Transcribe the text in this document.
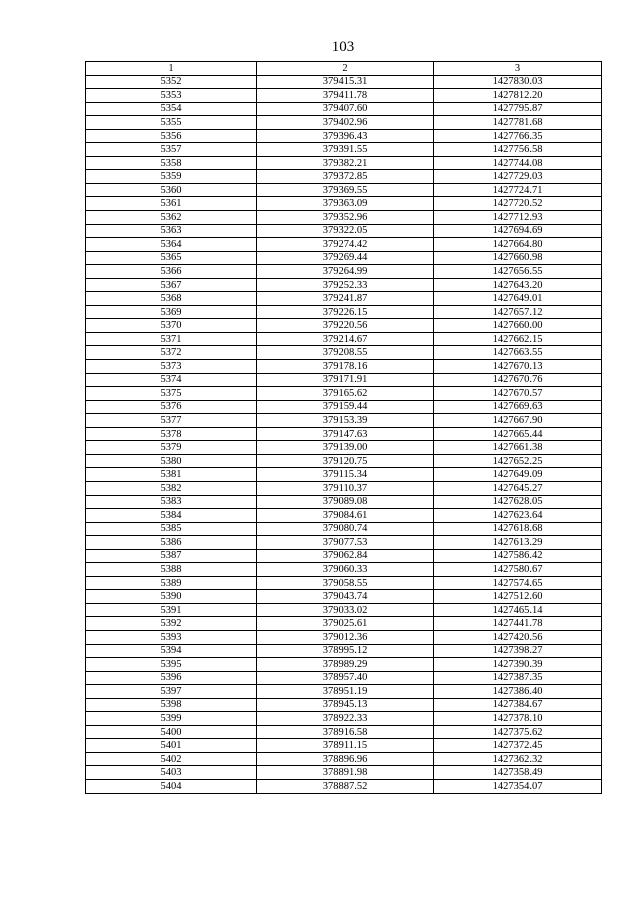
103
1	2	3
5352	379415.31	1427830.03
5353	379411.78	1427812.20
5354	379407.60	1427795.87
5355	379402.96	1427781.68
5356	379396.43	1427766.35
5357	379391.55	1427756.58
5358	379382.21	1427744.08
5359	379372.85	1427729.03
5360	379369.55	1427724.71
5361	379363.09	1427720.52
5362	379352.96	1427712.93
5363	379322.05	1427694.69
5364	379274.42	1427664.80
5365	379269.44	1427660.98
5366	379264.99	1427656.55
5367	379252.33	1427643.20
5368	379241.87	1427649.01
5369	379226.15	1427657.12
5370	379220.56	1427660.00
5371	379214.67	1427662.15
5372	379208.55	1427663.55
5373	379178.16	1427670.13
5374	379171.91	1427670.76
5375	379165.62	1427670.57
5376	379159.44	1427669.63
5377	379153.39	1427667.90
5378	379147.63	1427665.44
5379	379139.00	1427661.38
5380	379120.75	1427652.25
5381	379115.34	1427649.09
5382	379110.37	1427645.27
5383	379089.08	1427628.05
5384	379084.61	1427623.64
5385	379080.74	1427618.68
5386	379077.53	1427613.29
5387	379062.84	1427586.42
5388	379060.33	1427580.67
5389	379058.55	1427574.65
5390	379043.74	1427512.60
5391	379033.02	1427465.14
5392	379025.61	1427441.78
5393	379012.36	1427420.56
5394	378995.12	1427398.27
5395	378989.29	1427390.39
5396	378957.40	1427387.35
5397	378951.19	1427386.40
5398	378945.13	1427384.67
5399	378922.33	1427378.10
5400	378916.58	1427375.62
5401	378911.15	1427372.45
5402	378896.96	1427362.32
5403	378891.98	1427358.49
5404	378887.52	1427354.07
